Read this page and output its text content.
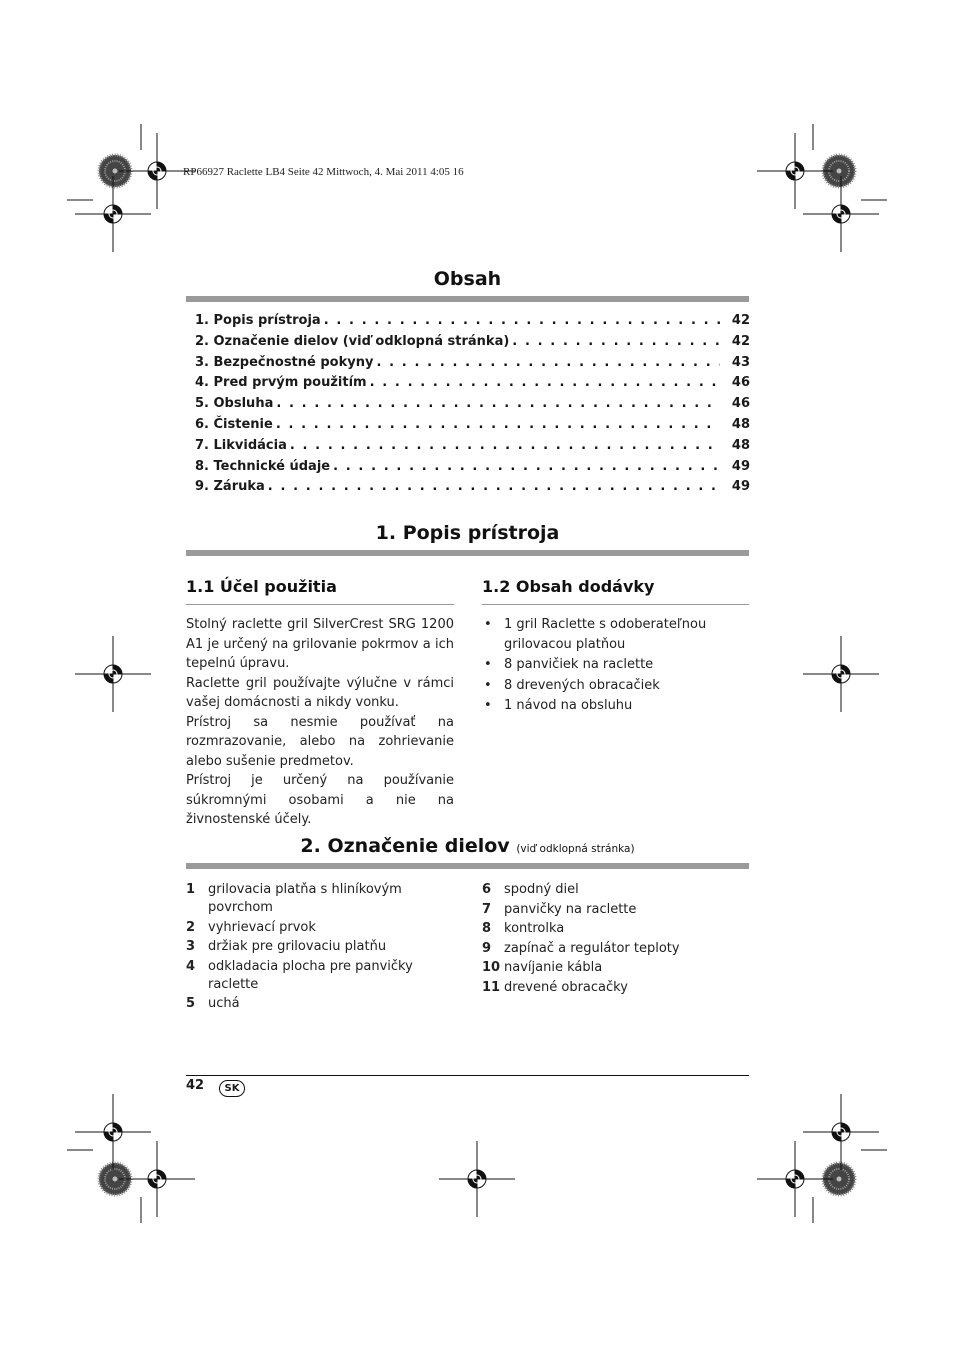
RP66927 Raclette LB4 Seite 42 Mittwoch, 4. Mai 2011 4:05 16
Obsah
1. Popis prístroja . . .	42
2. Označenie dielov (viď odklopná stránka) . . .	42
3. Bezpečnostné pokyny . . .	43
4. Pred prvým použitím . . .	46
5. Obsluha . . .	46
6. Čistenie . . .	48
7. Likvidácia . . .	48
8. Technické údaje . . .	49
9. Záruka . . .	49
1. Popis prístroja
1.1 Účel použitia

Stolný raclette gril SilverCrest SRG 1200 A1 je určený na grilovanie pokrmov a ich tepelnú úpravu.

Raclette gril používajte výlučne v rámci vašej domácnosti a nikdy vonku.

Prístroj sa nesmie používať na rozmrazovanie, alebo na zohrievanie alebo sušenie predmetov.

Prístroj je určený na používanie súkromnými osobami a nie na živnostenské účely.

1.2 Obsah dodávky
• 1 gril Raclette s odoberateľnou grilovacou platňou
• 8 panvičiek na raclette
• 8 drevených obracačiek
• 1 návod na obsluhu
2. Označenie dielov (viď odklopná stránka)
1 grilovacia platňa s hliníkovým povrchom
2 vyhrievací prvok
3 držiak pre grilovaciu platňu
4 odkladacia plocha pre panvičky raclette
5 uchá
6 spodný diel
7 panvičky na raclette
8 kontrolka
9 zapínač a regulátor teploty
10 navíjanie kábla
11 drevené obracačky
42	SK
